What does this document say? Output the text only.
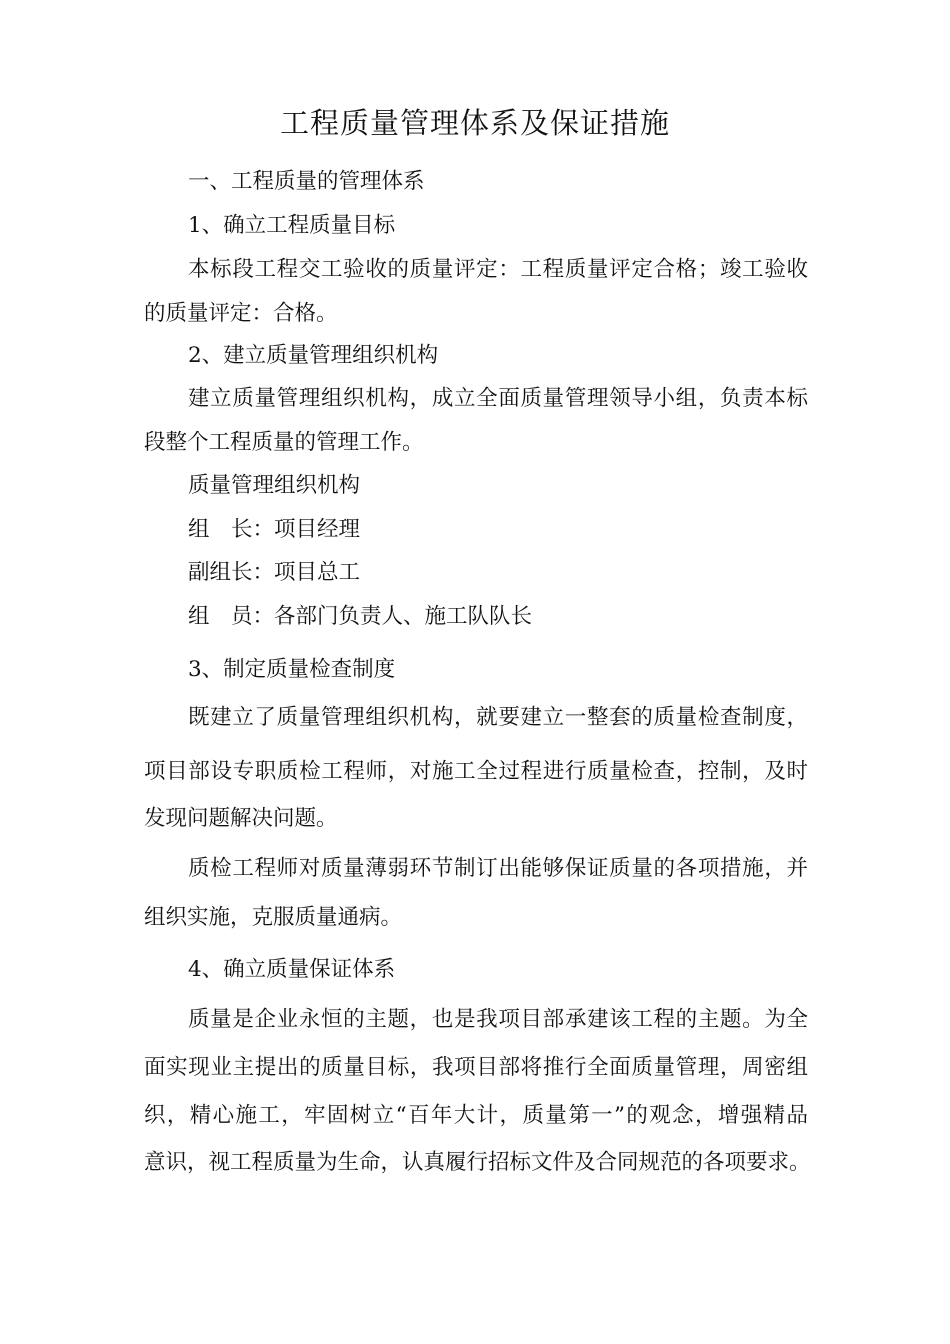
工程质量管理体系及保证措施
一、工程质量的管理体系
1、确立工程质量目标
本标段工程交工验收的质量评定：工程质量评定合格；竣工验收
的质量评定：合格。
2、建立质量管理组织机构
建立质量管理组织机构，成立全面质量管理领导小组，负责本标
段整个工程质量的管理工作。
质量管理组织机构
组　长：项目经理
副组长：项目总工
组　员：各部门负责人、施工队队长
3、制定质量检查制度
既建立了质量管理组织机构，就要建立一整套的质量检查制度，
项目部设专职质检工程师，对施工全过程进行质量检查，控制，及时
发现问题解决问题。
质检工程师对质量薄弱环节制订出能够保证质量的各项措施，并
组织实施，克服质量通病。
4、确立质量保证体系
质量是企业永恒的主题，也是我项目部承建该工程的主题。为全
面实现业主提出的质量目标，我项目部将推行全面质量管理，周密组
织，精心施工，牢固树立“百年大计，质量第一”的观念，增强精品
意识，视工程质量为生命，认真履行招标文件及合同规范的各项要求。
